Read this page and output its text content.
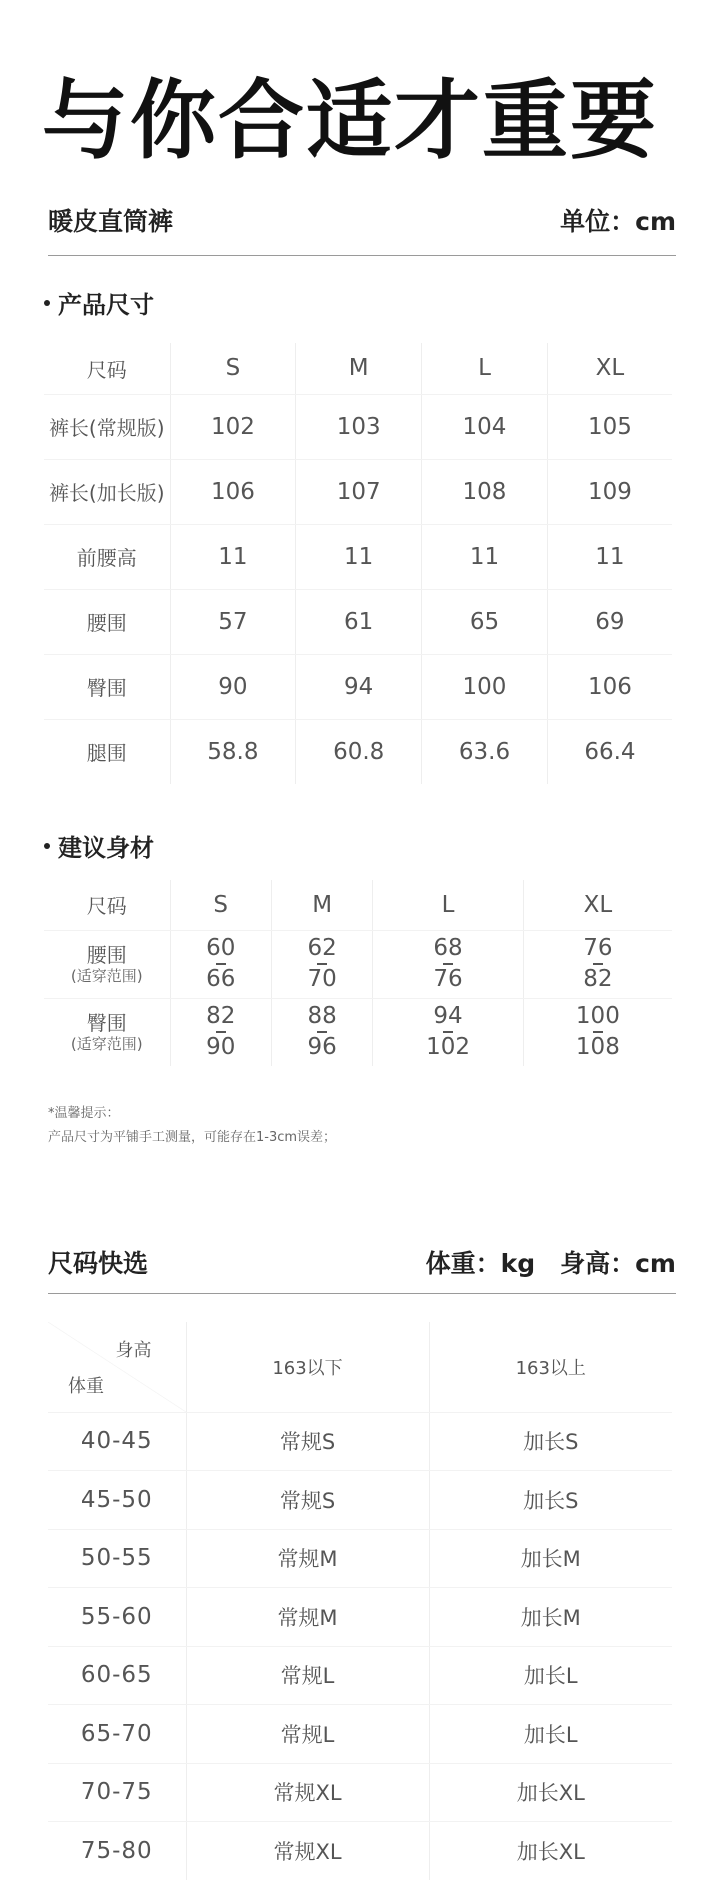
与你合适才重要
暖皮直筒裤	单位：cm
产品尺寸
尺码	S	M	L	XL
裤长(常规版)	102	103	104	105
裤长(加长版)	106	107	108	109
前腰高	11	11	11	11
腰围	57	61	65	69
臀围	90	94	100	106
腿围	58.8	60.8	63.6	66.4
建议身材
尺码	S	M	L	XL

腰围
(适穿范围)	$\frac{60}{66}$	$\frac{62}{70}$	$\frac{68}{76}$	$\frac{76}{82}$

臀围
(适穿范围)	$\frac{82}{90}$	$\frac{88}{96}$	$\frac{94}{102}$	$\frac{100}{108}$
*温馨提示：
产品尺寸为平铺手工测量，可能存在1-3cm误差；
尺码快选	体重：kg　身高：cm
身高
体重	163以下	163以上
40-45	常规S	加长S
45-50	常规S	加长S
50-55	常规M	加长M
55-60	常规M	加长M
60-65	常规L	加长L
65-70	常规L	加长L
70-75	常规XL	加长XL
75-80	常规XL	加长XL
